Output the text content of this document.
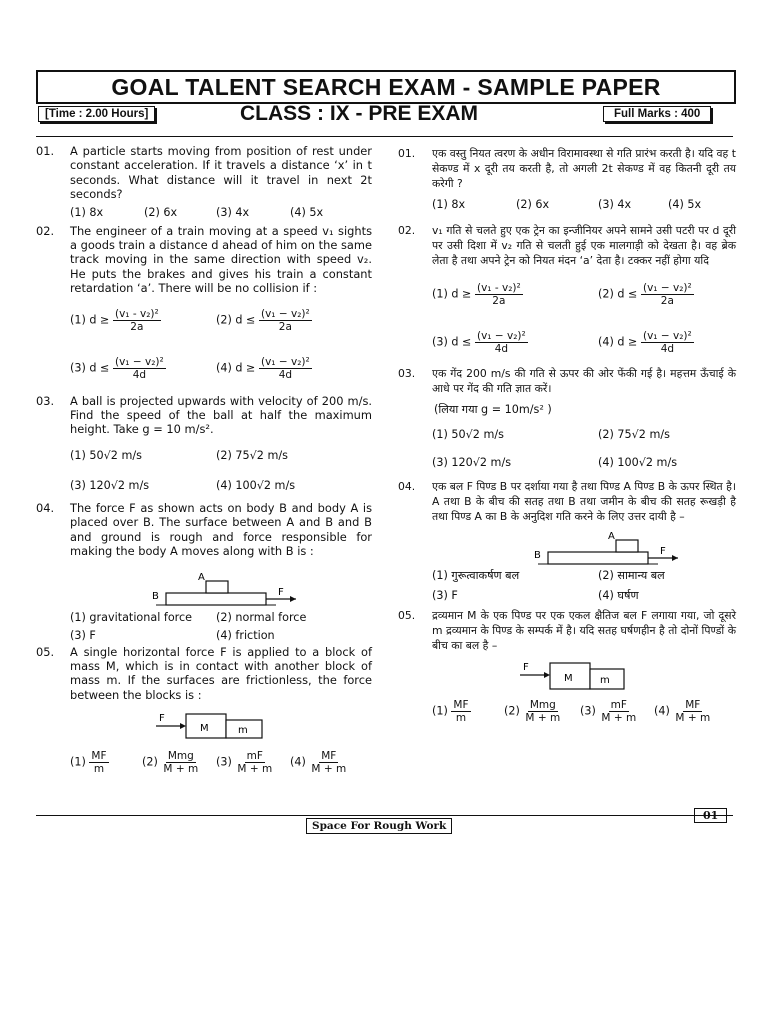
GOAL TALENT SEARCH EXAM - SAMPLE PAPER
[Time : 2.00 Hours]	CLASS : IX - PRE EXAM	Full Marks : 400
01.	A particle starts moving from position of rest under constant acceleration. If it travels a distance ‘x’ in t seconds. What distance will it travel in next 2t seconds?
(1) 8x	(2) 6x	(3) 4x	(4) 5x
02.	The engineer of a train moving at a speed v₁ sights a goods train a distance d ahead of him on the same track moving in the same direction with speed v₂. He puts the brakes and gives his train a constant retardation ‘a’. There will be no collision if :
(1) $d \ge \frac{\text{(v₁ - v₂)²}}{2a}$	(2) $d \le \frac{\text{(v₁ − v₂)²}}{2a}$
(3) $d \le \frac{\text{(v₁ − v₂)²}}{4d}$	(4) $d \ge \frac{\text{(v₁ − v₂)²}}{4d}$
03.	A ball is projected upwards with velocity of 200 m/s. Find the speed of the ball at half the maximum height. Take g = 10 m/s².
(1) 50√2 m/s	(2) 75√2 m/s
(3) 120√2 m/s	(4) 100√2 m/s
04.	The force F as shown acts on body B and body A is placed over B. The surface between A and B and B and ground is rough and force responsible for making the body A moves along with B is :
A
B	F
(1) gravitational force (2) normal force
(3) F	(4) friction
05.	A single horizontal force F is applied to a block of mass M, which is in contact with another block of mass m. If the surfaces are frictionless, the force between the blocks is :
F
M	m
$(1) \frac{MF}{m}$	$(2) \frac{\text{Mmg}}{M + m} (3) \frac{mF}{M + m} (4) \frac{MF}{M + m}$
01.	एक वस्तु नियत त्वरण के अधीन विरामावस्था से गति प्रारंभ करती है। यदि वह t सेकण्ड में x दूरी तय करती है, तो अगली 2t सेकण्ड में वह कितनी दूरी तय करेगी ?
(1) 8x	(2) 6x	(3) 4x	(4) 5x
02.	v₁ गति से चलते हुए एक ट्रेन का इन्जीनियर अपने सामने उसी पटरी पर d दूरी पर उसी दिशा में v₂ गति से चलती हुई एक मालगाड़ी को देखता है। वह ब्रेक लेता है तथा अपने ट्रेन को नियत मंदन ‘a’ देता है। टक्कर नहीं होगा यदि
(1) $d \ge \frac{\text{(v₁ - v₂)²}}{2a}$	(2) $d \le \frac{\text{(v₁ − v₂)²}}{2a}$
(3) $d \le \frac{\text{(v₁ − v₂)²}}{4d}$	(4) $d \ge \frac{\text{(v₁ − v₂)²}}{4d}$
03.	एक गेंद 200 m/s की गति से ऊपर की ओर फेंकी गई है। महत्तम ऊँचाई के आधे पर गेंद की गति ज्ञात करें।
(लिया गया g = 10m/s² )
(1) 50√2 m/s	(2) 75√2 m/s
(3) 120√2 m/s	(4) 100√2 m/s
04.	एक बल F पिण्ड B पर दर्शाया गया है तथा पिण्ड A पिण्ड B के ऊपर स्थित है। A तथा B के बीच की सतह तथा B तथा जमीन के बीच की सतह रूखड़ी है तथा पिण्ड A का B के अनुदिश गति करने के लिए उत्तर दायी है –
A
B	F
(1) गुरूत्वाकर्षण बल	(2) सामान्य बल
(3) F	(4) घर्षण
05.	द्रव्यमान M के एक पिण्ड पर एक एकल क्षैतिज बल F लगाया गया, जो दूसरे m द्रव्यमान के पिण्ड के सम्पर्क में है। यदि सतह घर्षणहीन है तो दोनों पिण्डों के बीच का बल है –
F
M	m
$(1) \frac{MF}{m}$	$(2) \frac{\text{Mmg}}{M + m} (3) \frac{mF}{M + m} (4) \frac{MF}{M + m}$
Space For Rough Work
01
